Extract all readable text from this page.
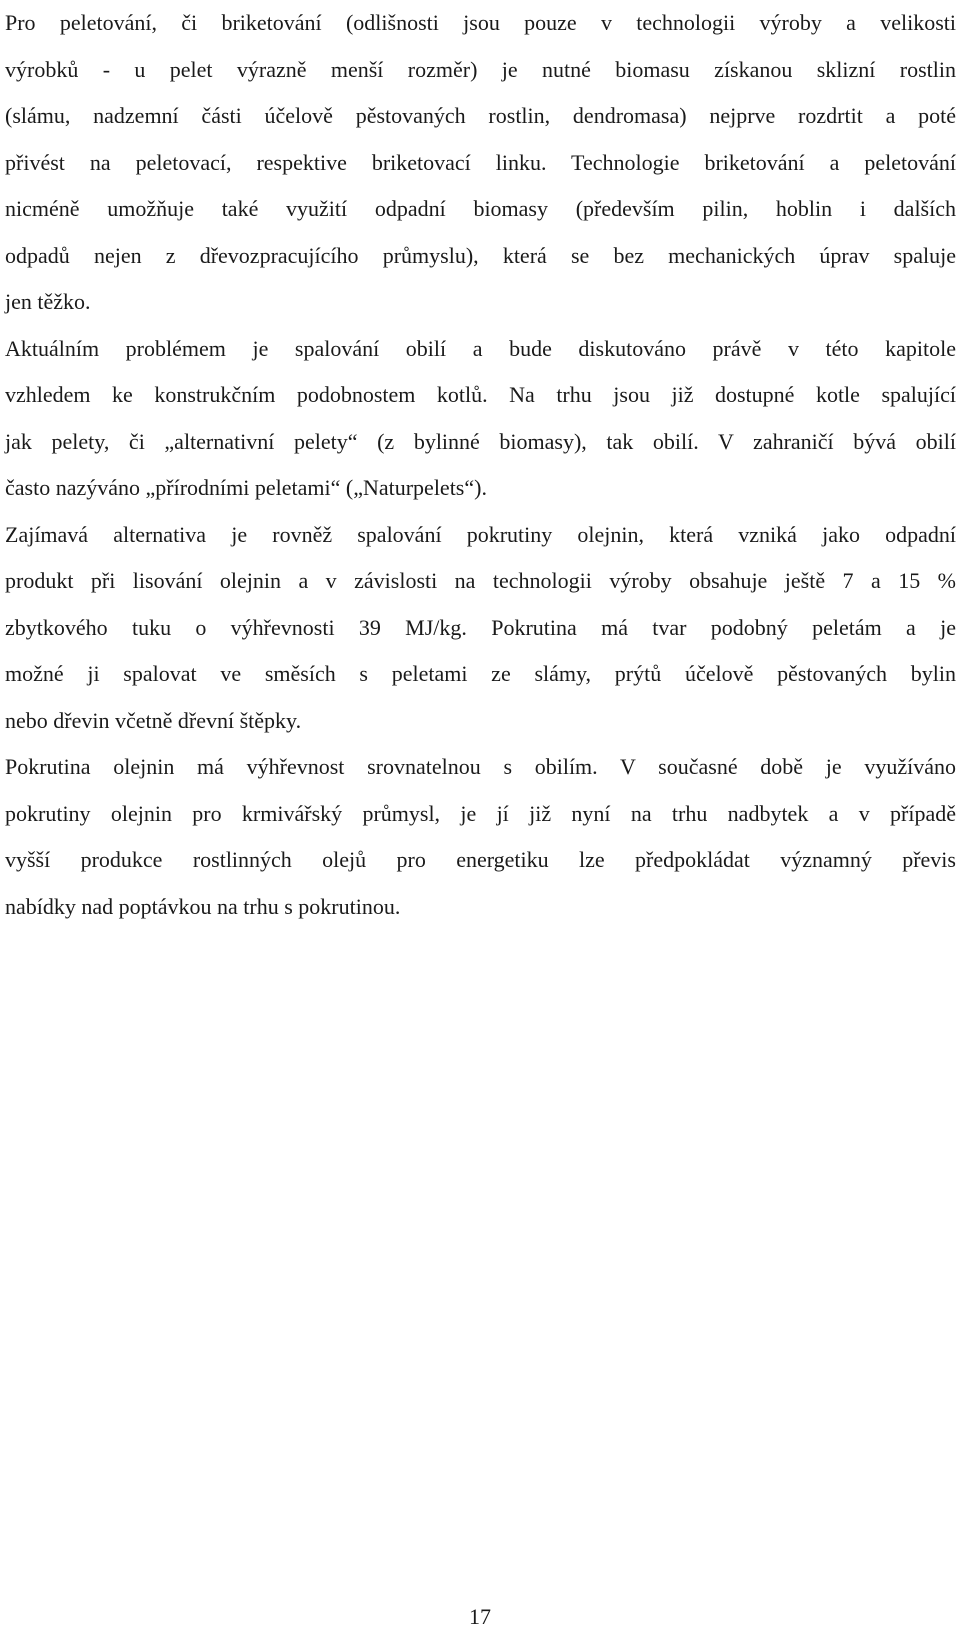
Pro peletování, či briketování (odlišnosti jsou pouze v technologii výroby a velikosti
výrobků - u pelet výrazně menší rozměr) je nutné biomasu získanou sklizní rostlin
(slámu, nadzemní části účelově pěstovaných rostlin, dendromasa) nejprve rozdrtit a poté
přivést na peletovací, respektive briketovací linku. Technologie briketování a peletování
nicméně umožňuje také využití odpadní biomasy (především pilin, hoblin i dalších
odpadů nejen z dřevozpracujícího průmyslu), která se bez mechanických úprav spaluje
jen těžko.
Aktuálním problémem je spalování obilí a bude diskutováno právě v této kapitole
vzhledem ke konstrukčním podobnostem kotlů. Na trhu jsou již dostupné kotle spalující
jak pelety, či „alternativní pelety“ (z bylinné biomasy), tak obilí. V zahraničí bývá obilí
často nazýváno „přírodními peletami“ („Naturpelets“).
Zajímavá alternativa je rovněž spalování pokrutiny olejnin, která vzniká jako odpadní
produkt při lisování olejnin a v závislosti na technologii výroby obsahuje ještě 7 a 15 %
zbytkového tuku o výhřevnosti 39 MJ/kg. Pokrutina má tvar podobný peletám a je
možné ji spalovat ve směsích s peletami ze slámy, prýtů účelově pěstovaných bylin
nebo dřevin včetně dřevní štěpky.
Pokrutina olejnin má výhřevnost srovnatelnou s obilím. V současné době je využíváno
pokrutiny olejnin pro krmivářský průmysl, je jí již nyní na trhu nadbytek a v případě
vyšší produkce rostlinných olejů pro energetiku lze předpokládat významný převis
nabídky nad poptávkou na trhu s pokrutinou.
17
